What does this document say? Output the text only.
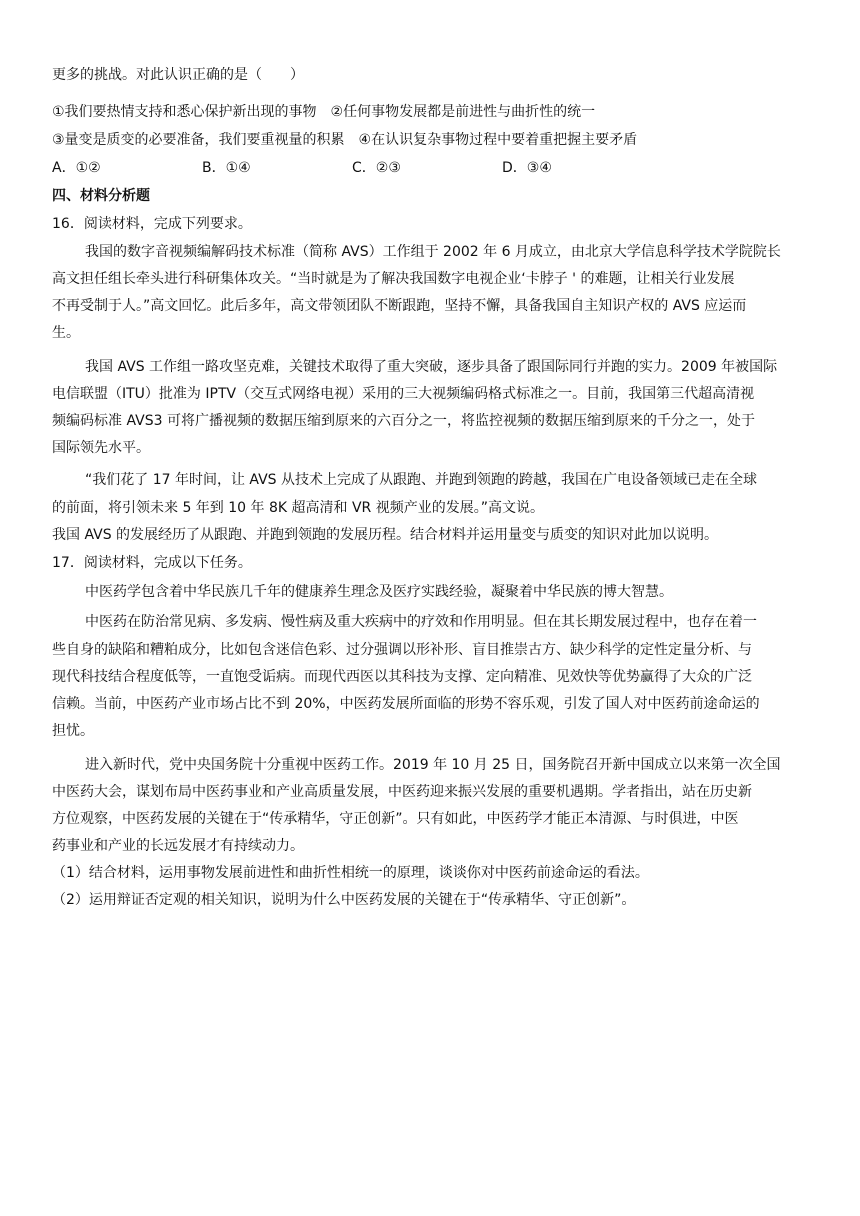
更多的挑战。对此认识正确的是（　　）
①我们要热情支持和悉心保护新出现的事物　②任何事物发展都是前进性与曲折性的统一
③量变是质变的必要准备，我们要重视量的积累　④在认识复杂事物过程中要着重把握主要矛盾
A．①②	B．①④	C．②③	D．③④
四、材料分析题
16．阅读材料，完成下列要求。
我国的数字音视频编解码技术标准（简称 AVS）工作组于 2002 年 6 月成立，由北京大学信息科学技术学院院长
高文担任组长牵头进行科研集体攻关。“当时就是为了解决我国数字电视企业‘卡脖子 ' 的难题，让相关行业发展
不再受制于人。”高文回忆。此后多年，高文带领团队不断跟跑，坚持不懈，具备我国自主知识产权的 AVS 应运而
生。
我国 AVS 工作组一路攻坚克难，关键技术取得了重大突破，逐步具备了跟国际同行并跑的实力。2009 年被国际
电信联盟（ITU）批准为 IPTV（交互式网络电视）采用的三大视频编码格式标准之一。目前，我国第三代超高清视
频编码标准 AVS3 可将广播视频的数据压缩到原来的六百分之一，将监控视频的数据压缩到原来的千分之一，处于
国际领先水平。
“我们花了 17 年时间，让 AVS 从技术上完成了从跟跑、并跑到领跑的跨越，我国在广电设备领域已走在全球
的前面，将引领未来 5 年到 10 年 8K 超高清和 VR 视频产业的发展。”高文说。
我国 AVS 的发展经历了从跟跑、并跑到领跑的发展历程。结合材料并运用量变与质变的知识对此加以说明。
17．阅读材料，完成以下任务。
中医药学包含着中华民族几千年的健康养生理念及医疗实践经验，凝聚着中华民族的博大智慧。
中医药在防治常见病、多发病、慢性病及重大疾病中的疗效和作用明显。但在其长期发展过程中，也存在着一
些自身的缺陷和糟粕成分，比如包含迷信色彩、过分强调以形补形、盲目推崇古方、缺少科学的定性定量分析、与
现代科技结合程度低等，一直饱受诟病。而现代西医以其科技为支撑、定向精准、见效快等优势赢得了大众的广泛
信赖。当前，中医药产业市场占比不到 20%，中医药发展所面临的形势不容乐观，引发了国人对中医药前途命运的
担忧。
进入新时代，党中央国务院十分重视中医药工作。2019 年 10 月 25 日，国务院召开新中国成立以来第一次全国
中医药大会，谋划布局中医药事业和产业高质量发展，中医药迎来振兴发展的重要机遇期。学者指出，站在历史新
方位观察，中医药发展的关键在于“传承精华，守正创新”。只有如此，中医药学才能正本清源、与时俱进，中医
药事业和产业的长远发展才有持续动力。
（1）结合材料，运用事物发展前进性和曲折性相统一的原理，谈谈你对中医药前途命运的看法。
（2）运用辩证否定观的相关知识，说明为什么中医药发展的关键在于“传承精华、守正创新”。
